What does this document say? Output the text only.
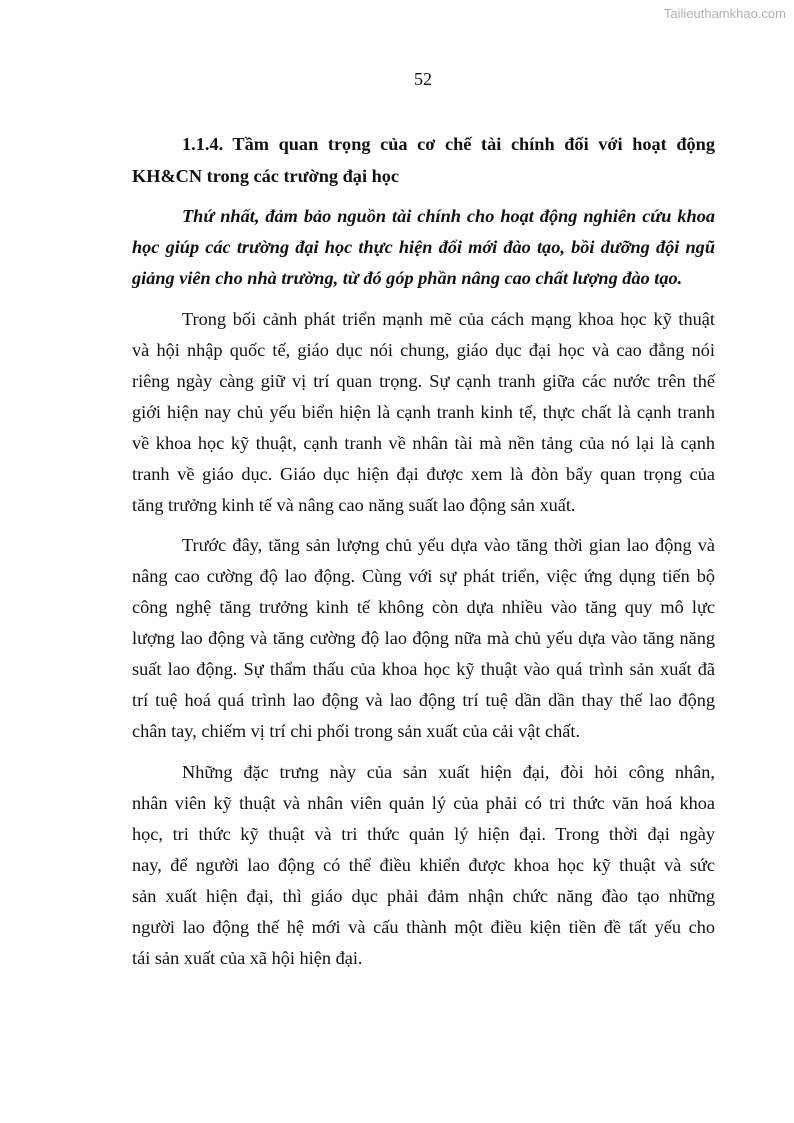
Tailieuthamkhao.com
52
1.1.4. Tầm quan trọng của cơ chế tài chính đối với hoạt động
KH&CN trong các trường đại học
Thứ nhất, đảm bảo nguồn tài chính cho hoạt động nghiên cứu khoa
học giúp các trường đại học thực hiện đổi mới đào tạo, bồi dưỡng đội ngũ
giảng viên cho nhà trường, từ đó góp phần nâng cao chất lượng đào tạo.
Trong bối cảnh phát triển mạnh mẽ của cách mạng khoa học kỹ thuật
và hội nhập quốc tế, giáo dục nói chung, giáo dục đại học và cao đẳng nói
riêng ngày càng giữ vị trí quan trọng. Sự cạnh tranh giữa các nước trên thế
giới hiện nay chủ yếu biển hiện là cạnh tranh kinh tế, thực chất là cạnh tranh
về khoa học kỹ thuật, cạnh tranh về nhân tài mà nền tảng của nó lại là cạnh
tranh về giáo dục. Giáo dục hiện đại được xem là đòn bẩy quan trọng của
tăng trưởng kinh tế và nâng cao năng suất lao động sản xuất.
Trước đây, tăng sản lượng chủ yếu dựa vào tăng thời gian lao động và
nâng cao cường độ lao động. Cùng với sự phát triển, việc ứng dụng tiến bộ
công nghệ tăng trưởng kinh tế không còn dựa nhiều vào tăng quy mô lực
lượng lao động và tăng cường độ lao động nữa mà chủ yếu dựa vào tăng năng
suất lao động. Sự thẩm thấu của khoa học kỹ thuật vào quá trình sản xuất đã
trí tuệ hoá quá trình lao động và lao động trí tuệ dần dần thay thế lao động
chân tay, chiếm vị trí chi phối trong sản xuất của cải vật chất.
Những đặc trưng này của sản xuất hiện đại, đòi hỏi công nhân,
nhân viên kỹ thuật và nhân viên quản lý của phải có tri thức văn hoá khoa
học, tri thức kỹ thuật và tri thức quản lý hiện đại. Trong thời đại ngày
nay, để người lao động có thể điều khiển được khoa học kỹ thuật và sức
sản xuất hiện đại, thì giáo dục phải đảm nhận chức năng đào tạo những
người lao động thế hệ mới và cấu thành một điều kiện tiền đề tất yếu cho
tái sản xuất của xã hội hiện đại.
